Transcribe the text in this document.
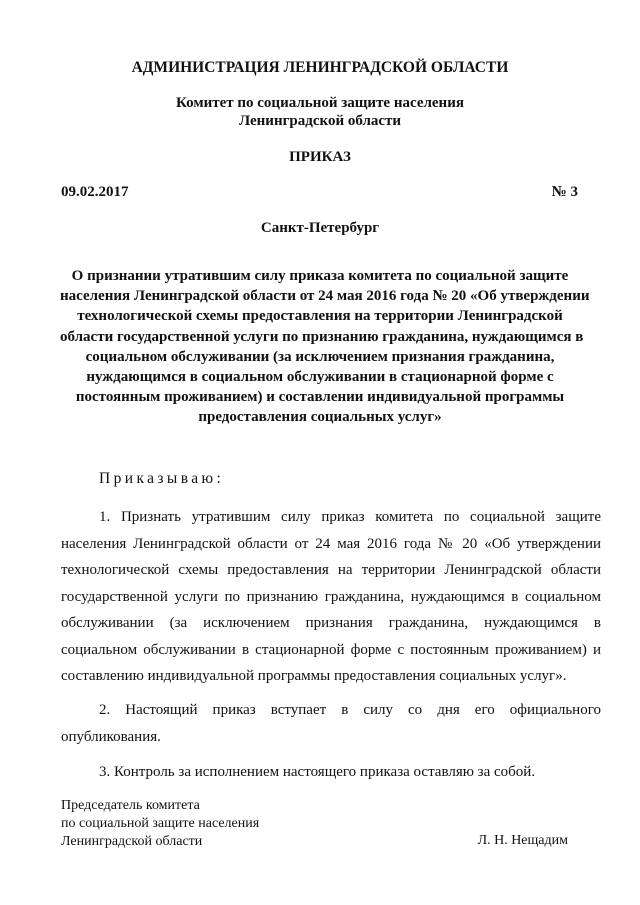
АДМИНИСТРАЦИЯ ЛЕНИНГРАДСКОЙ ОБЛАСТИ
Комитет по социальной защите населения
Ленинградской области
ПРИКАЗ
09.02.2017	№ 3
Санкт-Петербург
О признании утратившим силу приказа комитета по социальной защите
населения Ленинградской области от 24 мая 2016 года № 20 «Об утверждении
технологической схемы предоставления на территории Ленинградской
области государственной услуги по признанию гражданина, нуждающимся в
социальном обслуживании (за исключением признания гражданина,
нуждающимся в социальном обслуживании в стационарной форме с
постоянным проживанием) и составлении индивидуальной программы
предоставления социальных услуг»
Приказываю:
1. Признать утратившим силу приказ комитета по социальной защите
населения Ленинградской области от 24 мая 2016 года № 20 «Об утверждении
технологической схемы предоставления на территории Ленинградской области
государственной услуги по признанию гражданина, нуждающимся в социальном
обслуживании (за исключением признания гражданина, нуждающимся в
социальном обслуживании в стационарной форме с постоянным проживанием) и
составлению индивидуальной программы предоставления социальных услуг».
2. Настоящий приказ вступает в силу со дня его официального
опубликования.
3. Контроль за исполнением настоящего приказа оставляю за собой.
Председатель комитета
по социальной защите населения
Ленинградской области	Л. Н. Нещадим
